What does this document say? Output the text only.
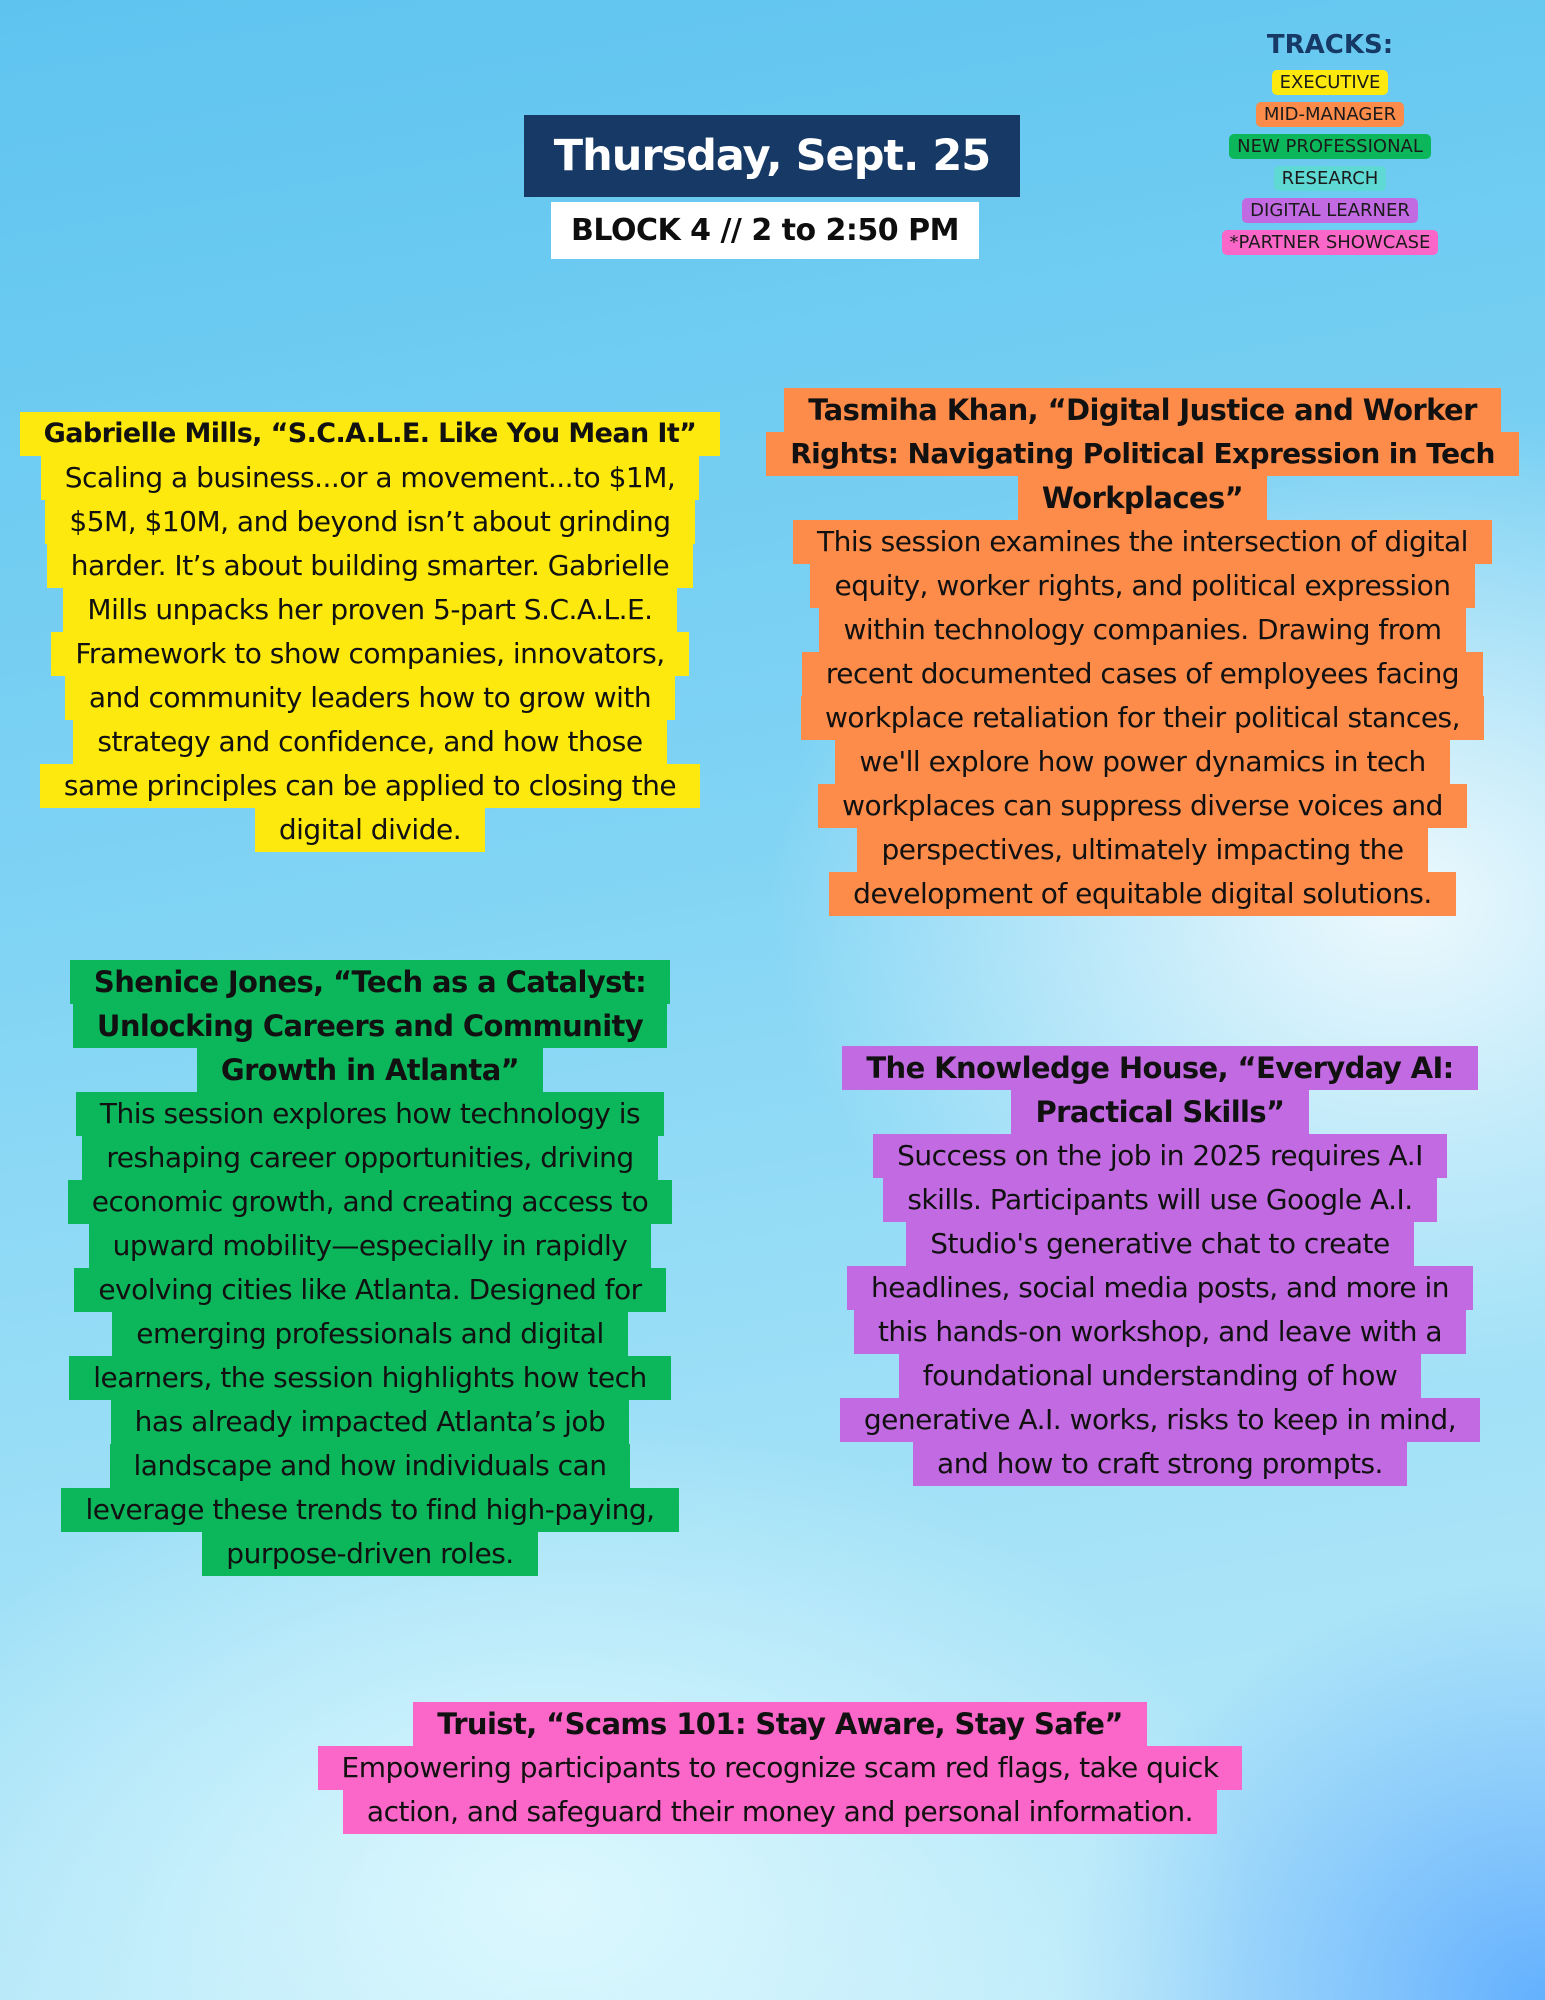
Thursday, Sept. 25
BLOCK 4 // 2 to 2:50 PM
TRACKS:
EXECUTIVE
MID-MANAGER
NEW PROFESSIONAL
RESEARCH
DIGITAL LEARNER
*PARTNER SHOWCASE
Gabrielle Mills, “S.C.A.L.E. Like You Mean It”
Scaling a business...or a movement...to $1M,
$5M, $10M, and beyond isn’t about grinding
harder. It’s about building smarter. Gabrielle
Mills unpacks her proven 5-part S.C.A.L.E.
Framework to show companies, innovators,
and community leaders how to grow with
strategy and confidence, and how those
same principles can be applied to closing the
digital divide.
Tasmiha Khan, “Digital Justice and Worker
Rights: Navigating Political Expression in Tech
Workplaces”
This session examines the intersection of digital
equity, worker rights, and political expression
within technology companies. Drawing from
recent documented cases of employees facing
workplace retaliation for their political stances,
we'll explore how power dynamics in tech
workplaces can suppress diverse voices and
perspectives, ultimately impacting the
development of equitable digital solutions.
Shenice Jones, “Tech as a Catalyst:
Unlocking Careers and Community
Growth in Atlanta”
This session explores how technology is
reshaping career opportunities, driving
economic growth, and creating access to
upward mobility—especially in rapidly
evolving cities like Atlanta. Designed for
emerging professionals and digital
learners, the session highlights how tech
has already impacted Atlanta’s job
landscape and how individuals can
leverage these trends to find high-paying,
purpose-driven roles.
The Knowledge House, “Everyday AI:
Practical Skills”
Success on the job in 2025 requires A.I
skills. Participants will use Google A.I.
Studio's generative chat to create
headlines, social media posts, and more in
this hands-on workshop, and leave with a
foundational understanding of how
generative A.I. works, risks to keep in mind,
and how to craft strong prompts.
Truist, “Scams 101: Stay Aware, Stay Safe”
Empowering participants to recognize scam red flags, take quick
action, and safeguard their money and personal information.
